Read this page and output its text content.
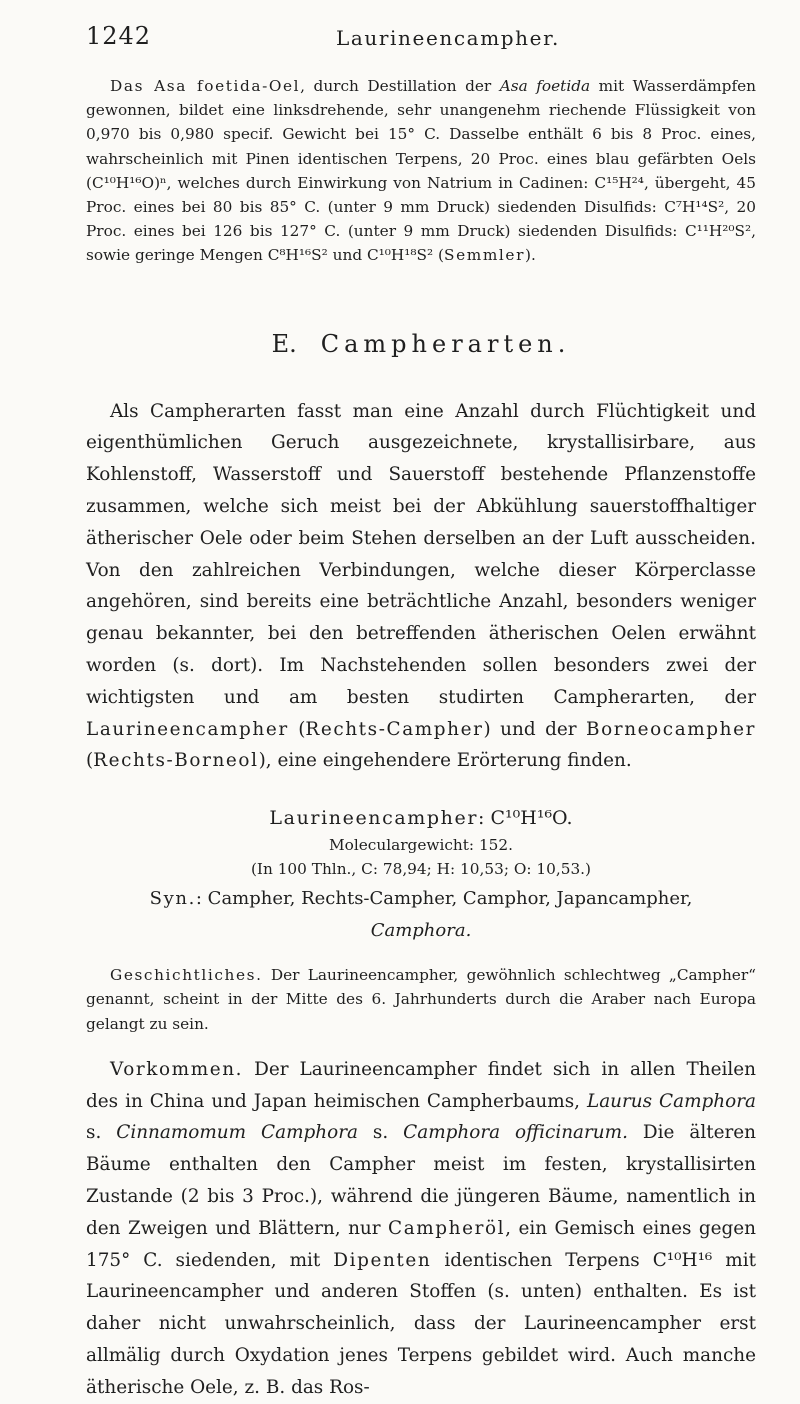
1242	Laurineencampher.

Das Asa foetida-Oel, durch Destillation der Asa foetida mit Wasserdämpfen gewonnen, bildet eine linksdrehende, sehr unangenehm riechende Flüssigkeit von 0,970 bis 0,980 specif. Gewicht bei 15° C. Dasselbe enthält 6 bis 8 Proc. eines, wahrscheinlich mit Pinen identischen Terpens, 20 Proc. eines blau gefärbten Oels (C¹⁰H¹⁶O)ⁿ, welches durch Einwirkung von Natrium in Cadinen: C¹⁵H²⁴, übergeht, 45 Proc. eines bei 80 bis 85° C. (unter 9 mm Druck) siedenden Disulfids: C⁷H¹⁴S², 20 Proc. eines bei 126 bis 127° C. (unter 9 mm Druck) siedenden Disulfids: C¹¹H²⁰S², sowie geringe Mengen C⁸H¹⁶S² und C¹⁰H¹⁸S² (Semmler).

E. Campherarten.

Als Campherarten fasst man eine Anzahl durch Flüchtigkeit und eigenthümlichen Geruch ausgezeichnete, krystallisirbare, aus Kohlenstoff, Wasserstoff und Sauerstoff bestehende Pflanzenstoffe zusammen, welche sich meist bei der Abkühlung sauerstoffhaltiger ätherischer Oele oder beim Stehen derselben an der Luft ausscheiden. Von den zahlreichen Verbindungen, welche dieser Körperclasse angehören, sind bereits eine beträchtliche Anzahl, besonders weniger genau bekannter, bei den betreffenden ätherischen Oelen erwähnt worden (s. dort). Im Nachstehenden sollen besonders zwei der wichtigsten und am besten studirten Campherarten, der Laurineencampher (Rechts-Campher) und der Borneocampher (Rechts-Borneol), eine eingehendere Erörterung finden.

Laurineencampher: C¹⁰H¹⁶O.
Moleculargewicht: 152.
(In 100 Thln., C: 78,94; H: 10,53; O: 10,53.)
Syn.: Campher, Rechts-Campher, Camphor, Japancampher,
Camphora.

Geschichtliches. Der Laurineencampher, gewöhnlich schlechtweg „Campher“ genannt, scheint in der Mitte des 6. Jahrhunderts durch die Araber nach Europa gelangt zu sein.

Vorkommen. Der Laurineencampher findet sich in allen Theilen des in China und Japan heimischen Campherbaums, Laurus Camphora s. Cinnamomum Camphora s. Camphora officinarum. Die älteren Bäume enthalten den Campher meist im festen, krystallisirten Zustande (2 bis 3 Proc.), während die jüngeren Bäume, namentlich in den Zweigen und Blättern, nur Campheröl, ein Gemisch eines gegen 175° C. siedenden, mit Dipenten identischen Terpens C¹⁰H¹⁶ mit Laurineencampher und anderen Stoffen (s. unten) enthalten. Es ist daher nicht unwahrscheinlich, dass der Laurineencampher erst allmälig durch Oxydation jenes Terpens gebildet wird. Auch manche ätherische Oele, z. B. das Ros-
